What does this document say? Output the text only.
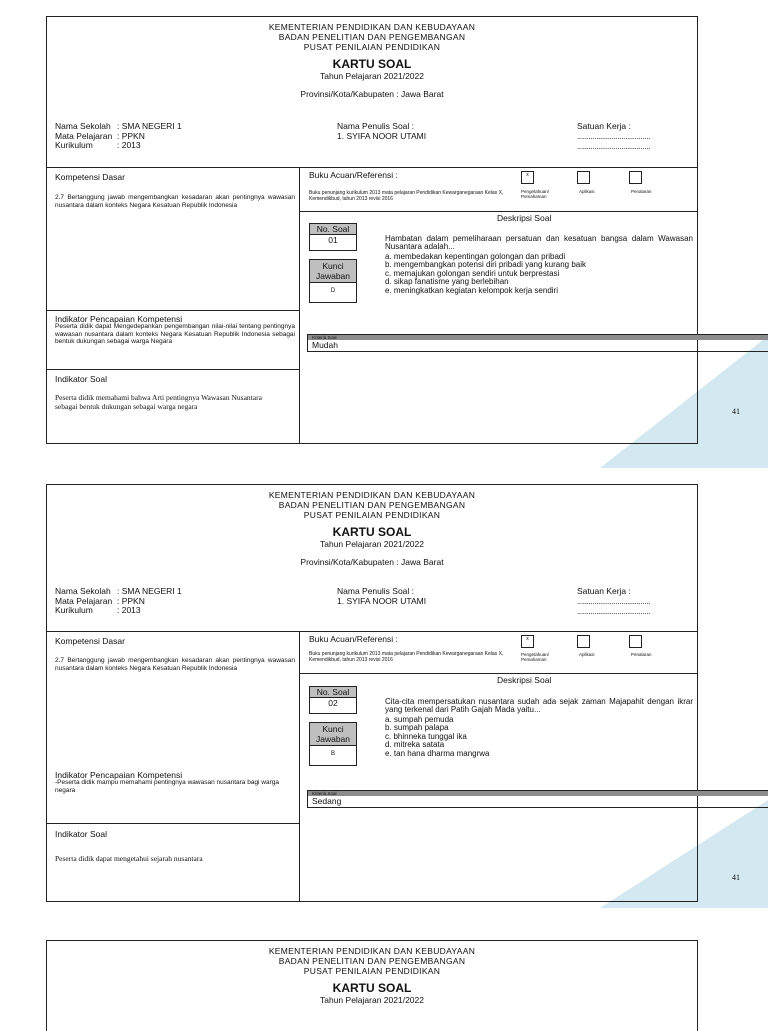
KEMENTERIAN PENDIDIKAN DAN KEBUDAYAAN
BADAN PENELITIAN DAN PENGEMBANGAN
PUSAT PENILAIAN PENDIDIKAN
KARTU SOAL
Tahun Pelajaran 2021/2022
Provinsi/Kota/Kabupaten : Jawa Barat
Nama Sekolah : SMA NEGERI 1
Mata Pelajaran : PPKN
Kurikulum	: 2013
Nama Penulis Soal :
1. SYIFA NOOR UTAMI
Satuan Kerja :
......................................
......................................
Kompetensi Dasar
2.7 Bertanggung jawab mengembangkan kesadaran akan pentingnya wawasan nusantara dalam konteks Negara Kesatuan Republik Indonesia
Indikator Pencapaian Kompetensi
Peserta didik dapat Mengedepankan pengembangan nilai-nilai tentang pentingnya wawasan nusantara dalam konteks Negara Kesatuan Republik Indonesia sebagai bentuk dukungan sebagai warga Negara
Indikator Soal
Peserta didik memahami bahwa Arti pentingnya Wawasan Nusantara sebagai bentuk dukungan sebagai warga negara
Buku Acuan/Referensi :
Buku penunjang kurikulum 2013 mata pelajaran Pendidikan Kewarganegaraan Kelas X, Kemendikbud, tahun 2013 revisi 2016
x
Pengetahuan/ Pemahaman
Aplikasi	Penalaran
Deskripsi Soal
No. Soal
01
Kunci Jawaban
D
Hambatan dalam pemeliharaan persatuan dan kesatuan bangsa dalam Wawasan Nusantara adalah...
a. membedakan kepentingan golongan dan pribadi
b. mengembangkan potensi diri pribadi yang kurang baik
c. memajukan golongan sendiri untuk berprestasi
d. sikap fanatisme yang berlebihan
e. meningkatkan kegiatan kelompok kerja sendiri
Kriteria Soal
Mudah
41
KEMENTERIAN PENDIDIKAN DAN KEBUDAYAAN
BADAN PENELITIAN DAN PENGEMBANGAN
PUSAT PENILAIAN PENDIDIKAN
KARTU SOAL
Tahun Pelajaran 2021/2022
Provinsi/Kota/Kabupaten : Jawa Barat
Nama Sekolah : SMA NEGERI 1
Mata Pelajaran : PPKN
Kurikulum	: 2013
Nama Penulis Soal :
1. SYIFA NOOR UTAMI
Satuan Kerja :
......................................
......................................
Kompetensi Dasar
2.7 Bertanggung jawab mengembangkan kesadaran akan pentingnya wawasan nusantara dalam konteks Negara Kesatuan Republik Indonesia
Indikator Pencapaian Kompetensi
-Peserta didik mampu memahami pentingnya wawasan nusantara bagi warga negara
Indikator Soal
Peserta didik dapat mengetahui sejarah nusantara
Buku Acuan/Referensi :
Buku penunjang kurikulum 2013 mata pelajaran Pendidikan Kewarganegaraan Kelas X, Kemendikbud, tahun 2013 revisi 2016
x
Pengetahuan/ Pemahaman
Aplikasi	Penalaran
Deskripsi Soal
No. Soal
02
Kunci Jawaban
B
Cita-cita mempersatukan nusantara sudah ada sejak zaman Majapahit dengan ikrar yang terkenal dari Patih Gajah Mada yaitu...
a. sumpah pemuda
b. sumpah palapa
c. bhinneka tunggal ika
d. mitreka satata
e. tan hana dharma mangrwa
Kriteria Soal
Sedang
41
KEMENTERIAN PENDIDIKAN DAN KEBUDAYAAN
BADAN PENELITIAN DAN PENGEMBANGAN
PUSAT PENILAIAN PENDIDIKAN
KARTU SOAL
Tahun Pelajaran 2021/2022
